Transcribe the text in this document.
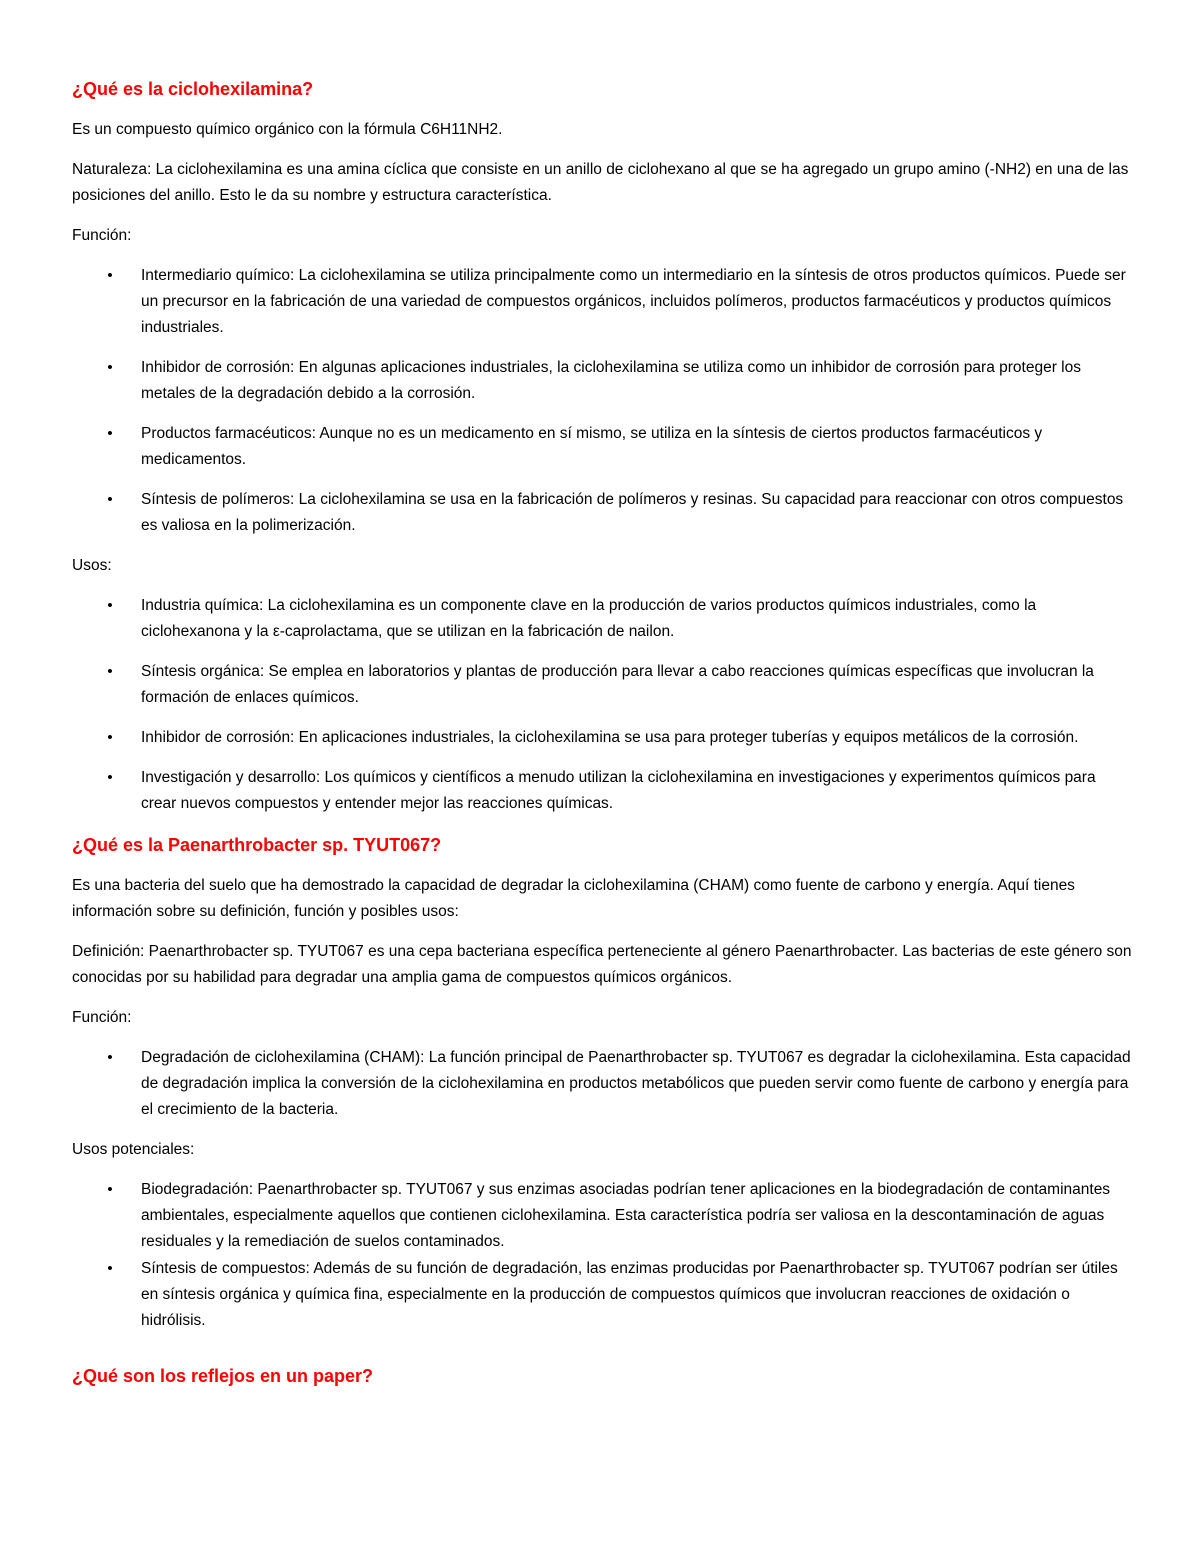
¿Qué es la ciclohexilamina?
Es un compuesto químico orgánico con la fórmula C6H11NH2.
Naturaleza: La ciclohexilamina es una amina cíclica que consiste en un anillo de ciclohexano al que se ha agregado un grupo amino (-NH2) en una de las posiciones del anillo. Esto le da su nombre y estructura característica.
Función:
• Intermediario químico: La ciclohexilamina se utiliza principalmente como un intermediario en la síntesis de otros productos químicos. Puede ser un precursor en la fabricación de una variedad de compuestos orgánicos, incluidos polímeros, productos farmacéuticos y productos químicos industriales.
• Inhibidor de corrosión: En algunas aplicaciones industriales, la ciclohexilamina se utiliza como un inhibidor de corrosión para proteger los metales de la degradación debido a la corrosión.
• Productos farmacéuticos: Aunque no es un medicamento en sí mismo, se utiliza en la síntesis de ciertos productos farmacéuticos y medicamentos.
• Síntesis de polímeros: La ciclohexilamina se usa en la fabricación de polímeros y resinas. Su capacidad para reaccionar con otros compuestos es valiosa en la polimerización.
Usos:
• Industria química: La ciclohexilamina es un componente clave en la producción de varios productos químicos industriales, como la ciclohexanona y la ε-caprolactama, que se utilizan en la fabricación de nailon.
• Síntesis orgánica: Se emplea en laboratorios y plantas de producción para llevar a cabo reacciones químicas específicas que involucran la formación de enlaces químicos.
• Inhibidor de corrosión: En aplicaciones industriales, la ciclohexilamina se usa para proteger tuberías y equipos metálicos de la corrosión.
• Investigación y desarrollo: Los químicos y científicos a menudo utilizan la ciclohexilamina en investigaciones y experimentos químicos para crear nuevos compuestos y entender mejor las reacciones químicas.
¿Qué es la Paenarthrobacter sp. TYUT067?
Es una bacteria del suelo que ha demostrado la capacidad de degradar la ciclohexilamina (CHAM) como fuente de carbono y energía. Aquí tienes información sobre su definición, función y posibles usos:
Definición: Paenarthrobacter sp. TYUT067 es una cepa bacteriana específica perteneciente al género Paenarthrobacter. Las bacterias de este género son conocidas por su habilidad para degradar una amplia gama de compuestos químicos orgánicos.
Función:
• Degradación de ciclohexilamina (CHAM): La función principal de Paenarthrobacter sp. TYUT067 es degradar la ciclohexilamina. Esta capacidad de degradación implica la conversión de la ciclohexilamina en productos metabólicos que pueden servir como fuente de carbono y energía para el crecimiento de la bacteria.
Usos potenciales:
• Biodegradación: Paenarthrobacter sp. TYUT067 y sus enzimas asociadas podrían tener aplicaciones en la biodegradación de contaminantes ambientales, especialmente aquellos que contienen ciclohexilamina. Esta característica podría ser valiosa en la descontaminación de aguas residuales y la remediación de suelos contaminados.
• Síntesis de compuestos: Además de su función de degradación, las enzimas producidas por Paenarthrobacter sp. TYUT067 podrían ser útiles en síntesis orgánica y química fina, especialmente en la producción de compuestos químicos que involucran reacciones de oxidación o hidrólisis.
¿Qué son los reflejos en un paper?
